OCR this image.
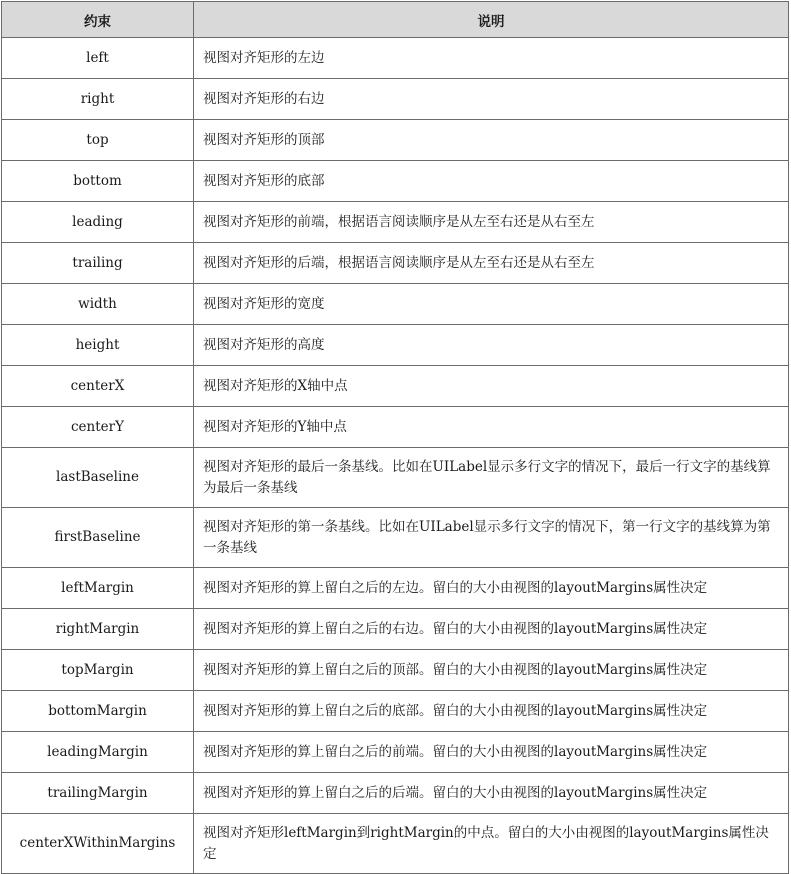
约束	说明
left	视图对齐矩形的左边
right	视图对齐矩形的右边
top	视图对齐矩形的顶部
bottom	视图对齐矩形的底部
leading	视图对齐矩形的前端，根据语言阅读顺序是从左至右还是从右至左
trailing	视图对齐矩形的后端，根据语言阅读顺序是从左至右还是从右至左
width	视图对齐矩形的宽度
height	视图对齐矩形的高度
centerX	视图对齐矩形的X轴中点
centerY	视图对齐矩形的Y轴中点
lastBaseline	视图对齐矩形的最后一条基线。比如在UILabel显示多行文字的情况下，最后一行文字的基线算为最后一条基线
firstBaseline	视图对齐矩形的第一条基线。比如在UILabel显示多行文字的情况下，第一行文字的基线算为第一条基线
leftMargin	视图对齐矩形的算上留白之后的左边。留白的大小由视图的layoutMargins属性决定
rightMargin	视图对齐矩形的算上留白之后的右边。留白的大小由视图的layoutMargins属性决定
topMargin	视图对齐矩形的算上留白之后的顶部。留白的大小由视图的layoutMargins属性决定
bottomMargin	视图对齐矩形的算上留白之后的底部。留白的大小由视图的layoutMargins属性决定
leadingMargin	视图对齐矩形的算上留白之后的前端。留白的大小由视图的layoutMargins属性决定
trailingMargin	视图对齐矩形的算上留白之后的后端。留白的大小由视图的layoutMargins属性决定
centerXWithinMargins	视图对齐矩形leftMargin到rightMargin的中点。留白的大小由视图的layoutMargins属性决定
